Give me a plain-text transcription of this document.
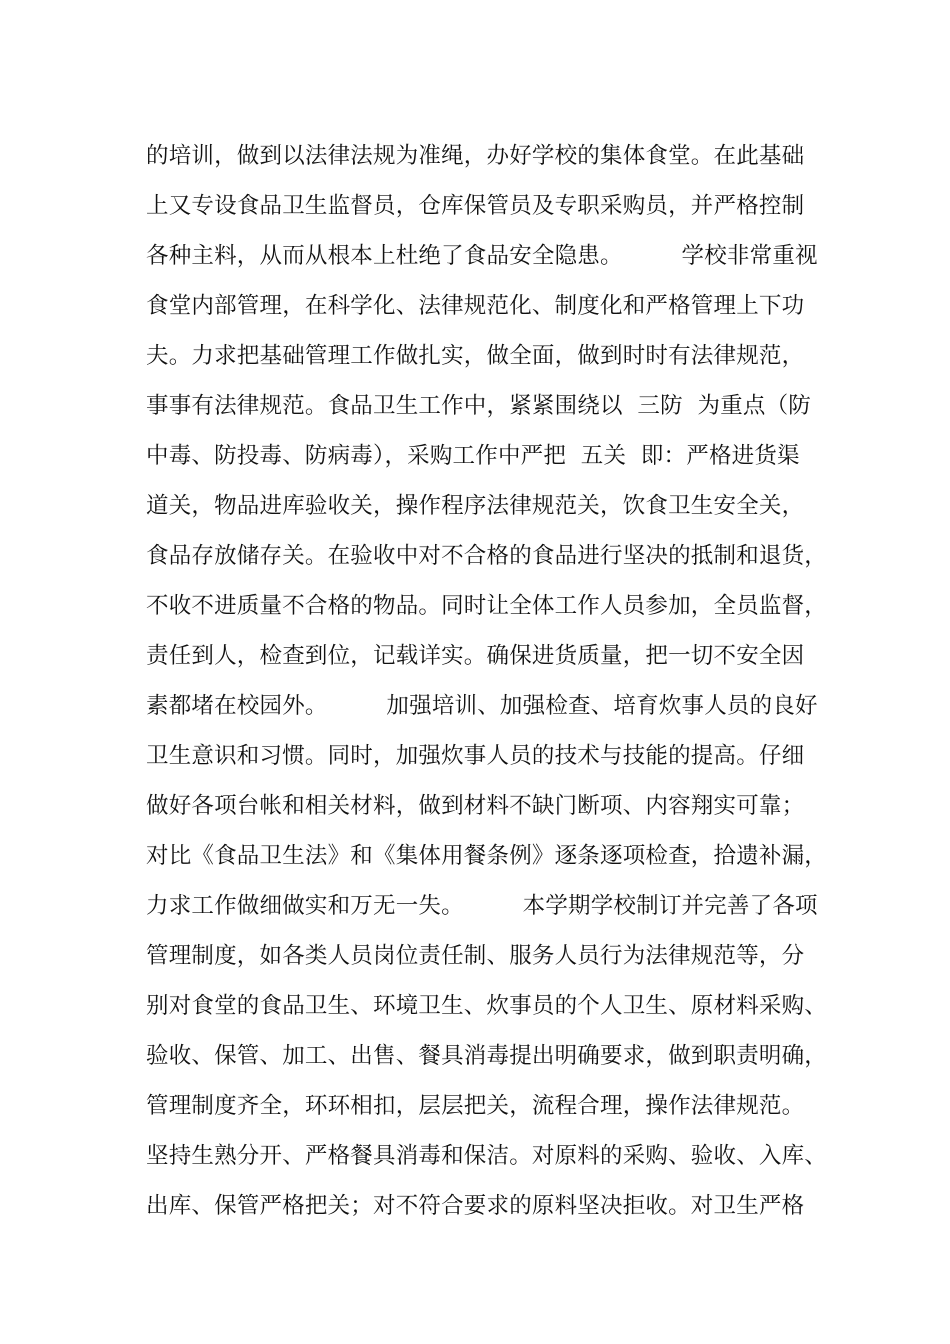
的培训，做到以法律法规为准绳，办好学校的集体食堂。在此基础
上又专设食品卫生监督员，仓库保管员及专职采购员，并严格控制
各种主料，从而从根本上杜绝了食品安全隐患。        学校非常重视
食堂内部管理，在科学化、法律规范化、制度化和严格管理上下功
夫。力求把基础管理工作做扎实，做全面，做到时时有法律规范，
事事有法律规范。食品卫生工作中，紧紧围绕以  三防  为重点（防
中毒、防投毒、防病毒），采购工作中严把  五关  即：严格进货渠
道关，物品进库验收关，操作程序法律规范关，饮食卫生安全关，
食品存放储存关。在验收中对不合格的食品进行坚决的抵制和退货，
不收不进质量不合格的物品。同时让全体工作人员参加，全员监督，
责任到人，检查到位，记载详实。确保进货质量，把一切不安全因
素都堵在校园外。        加强培训、加强检查、培育炊事人员的良好
卫生意识和习惯。同时，加强炊事人员的技术与技能的提高。仔细
做好各项台帐和相关材料，做到材料不缺门断项、内容翔实可靠；
对比《食品卫生法》和《集体用餐条例》逐条逐项检查，拾遗补漏，
力求工作做细做实和万无一失。        本学期学校制订并完善了各项
管理制度，如各类人员岗位责任制、服务人员行为法律规范等，分
别对食堂的食品卫生、环境卫生、炊事员的个人卫生、原材料采购、
验收、保管、加工、出售、餐具消毒提出明确要求，做到职责明确，
管理制度齐全，环环相扣，层层把关，流程合理，操作法律规范。
坚持生熟分开、严格餐具消毒和保洁。对原料的采购、验收、入库、
出库、保管严格把关；对不符合要求的原料坚决拒收。对卫生严格
